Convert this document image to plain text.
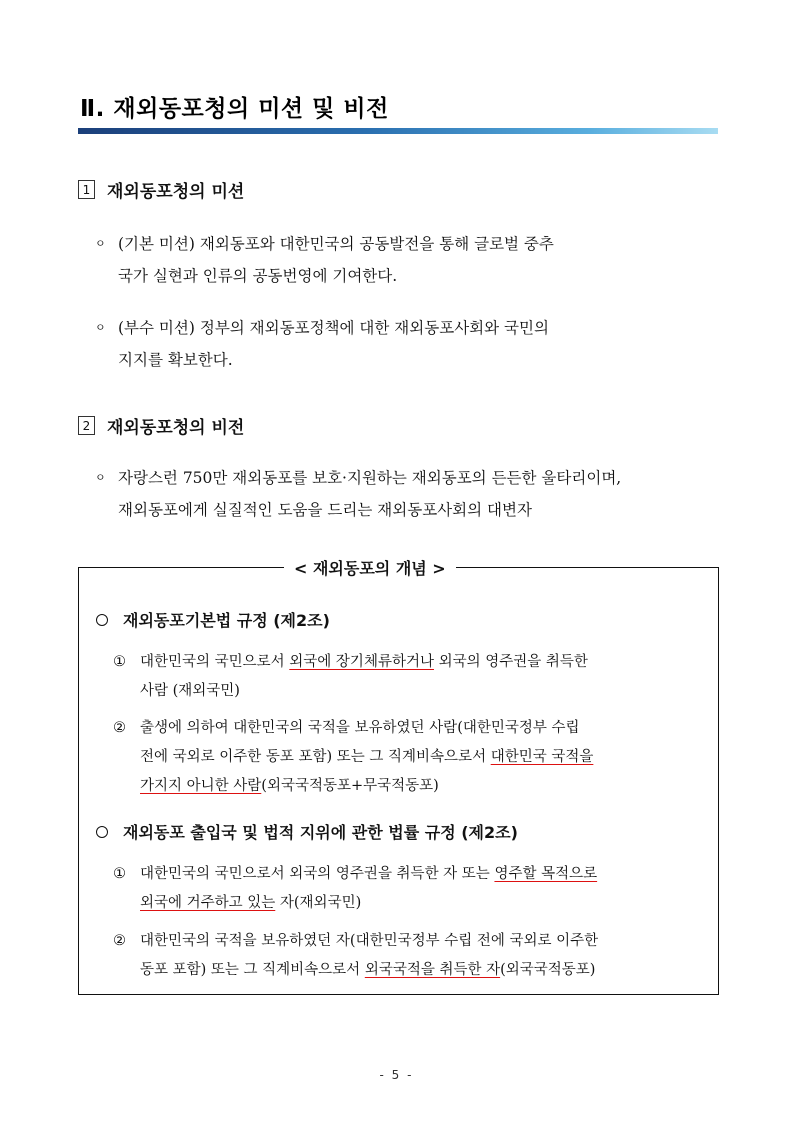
Ⅱ. 재외동포청의 미션 및 비전
1 재외동포청의 미션

ㅇ (기본 미션) 재외동포와 대한민국의 공동발전을 통해 글로벌 중추
국가 실현과 인류의 공동번영에 기여한다.

ㅇ (부수 미션) 정부의 재외동포정책에 대한 재외동포사회와 국민의
지지를 확보한다.

2 재외동포청의 비전

ㅇ 자랑스런 750만 재외동포를 보호·지원하는 재외동포의 든든한 울타리이며,
재외동포에게 실질적인 도움을 드리는 재외동포사회의 대변자

< 재외동포의 개념 >
재외동포기본법 규정 (제2조)

① 대한민국의 국민으로서 외국에 장기체류하거나 외국의 영주권을 취득한
사람 (재외국민)

② 출생에 의하여 대한민국의 국적을 보유하였던 사람(대한민국정부 수립
전에 국외로 이주한 동포 포함) 또는 그 직계비속으로서 대한민국 국적을
가지지 아니한 사람(외국국적동포+무국적동포)

재외동포 출입국 및 법적 지위에 관한 법률 규정 (제2조)

① 대한민국의 국민으로서 외국의 영주권을 취득한 자 또는 영주할 목적으로
외국에 거주하고 있는 자(재외국민)

② 대한민국의 국적을 보유하였던 자(대한민국정부 수립 전에 국외로 이주한
동포 포함) 또는 그 직계비속으로서 외국국적을 취득한 자(외국국적동포)

- 5 -
